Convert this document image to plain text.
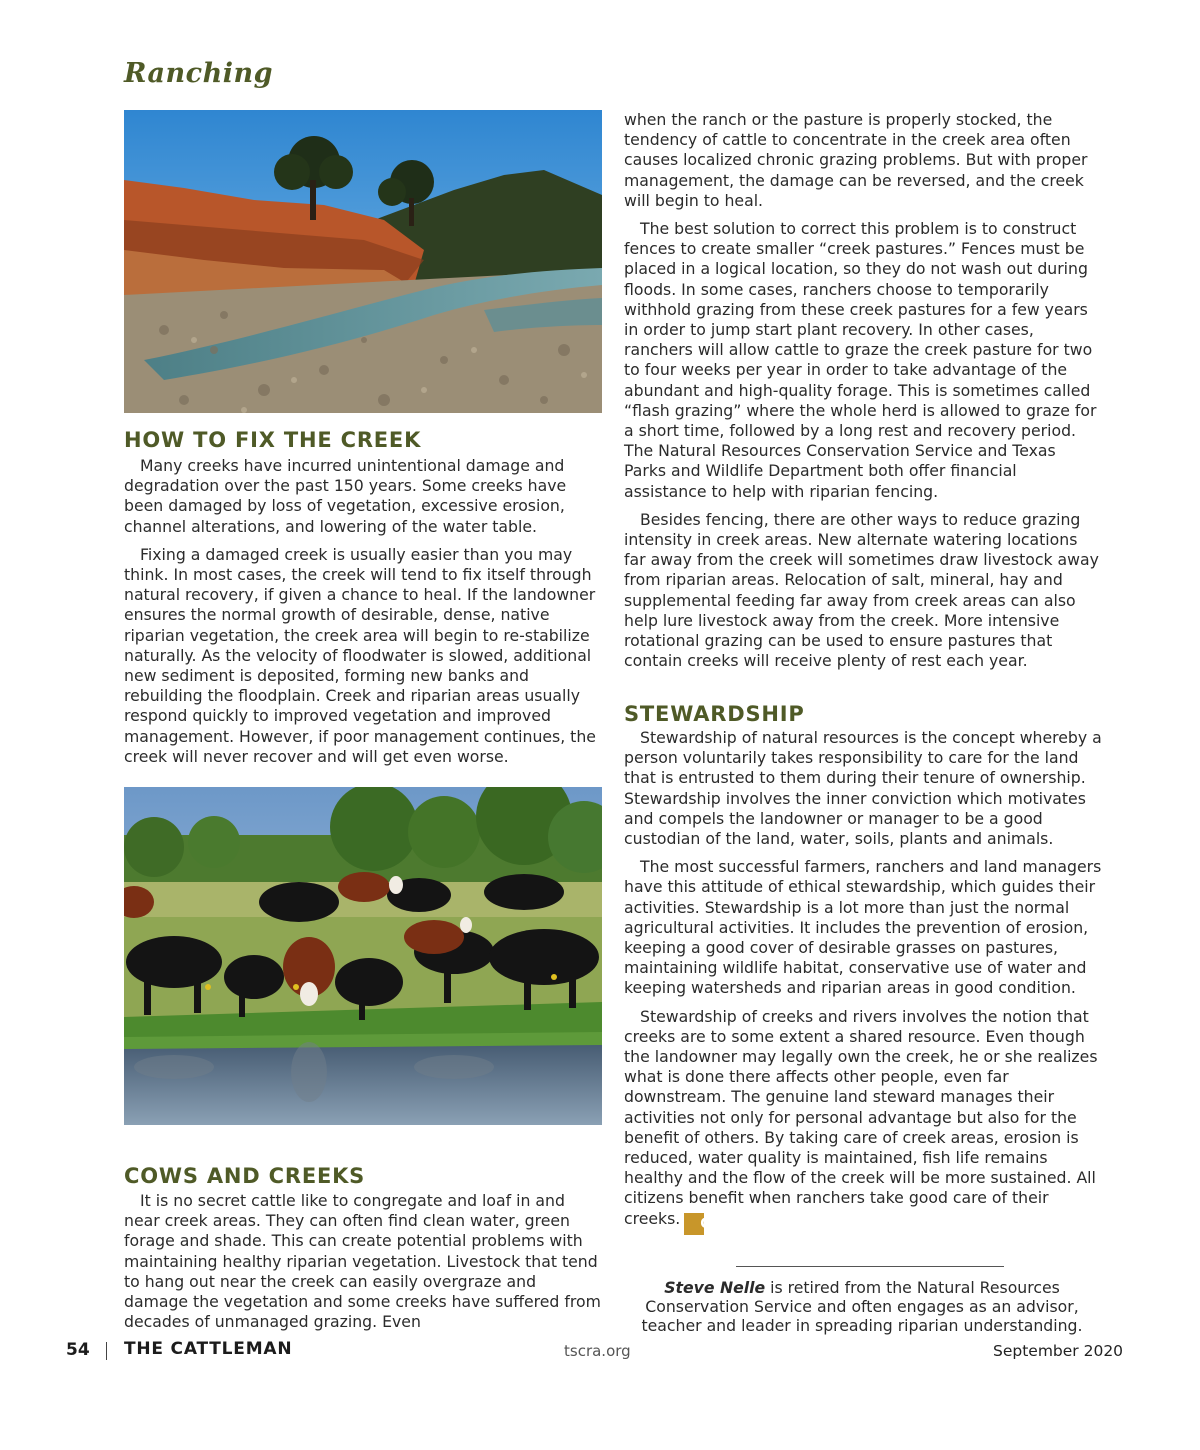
Ranching
HOW TO FIX THE CREEK

Many creeks have incurred unintentional damage and degradation over the past 150 years. Some creeks have been damaged by loss of vegetation, excessive erosion, channel alterations, and lowering of the water table.

Fixing a damaged creek is usually easier than you may think. In most cases, the creek will tend to fix itself through natural recovery, if given a chance to heal. If the landowner ensures the normal growth of desirable, dense, native riparian vegetation, the creek area will begin to re-stabilize naturally. As the velocity of floodwater is slowed, additional new sediment is deposited, forming new banks and rebuilding the floodplain. Creek and riparian areas usually respond quickly to improved vegetation and improved management. However, if poor management continues, the creek will never recover and will get even worse.

COWS AND CREEKS

It is no secret cattle like to congregate and loaf in and near creek areas. They can often find clean water, green forage and shade. This can create potential problems with maintaining healthy riparian vegetation. Livestock that tend to hang out near the creek can easily overgraze and damage the vegetation and some creeks have suffered from decades of unmanaged grazing. Even

when the ranch or the pasture is properly stocked, the tendency of cattle to concentrate in the creek area often causes localized chronic grazing problems. But with proper management, the damage can be reversed, and the creek will begin to heal.

The best solution to correct this problem is to construct fences to create smaller “creek pastures.” Fences must be placed in a logical location, so they do not wash out during floods. In some cases, ranchers choose to temporarily withhold grazing from these creek pastures for a few years in order to jump start plant recovery. In other cases, ranchers will allow cattle to graze the creek pasture for two to four weeks per year in order to take advantage of the abundant and high-quality forage. This is sometimes called “flash grazing” where the whole herd is allowed to graze for a short time, followed by a long rest and recovery period. The Natural Resources Conservation Service and Texas Parks and Wildlife Department both offer financial assistance to help with riparian fencing.

Besides fencing, there are other ways to reduce grazing intensity in creek areas. New alternate watering locations far away from the creek will sometimes draw livestock away from riparian areas. Relocation of salt, mineral, hay and supplemental feeding far away from creek areas can also help lure livestock away from the creek. More intensive rotational grazing can be used to ensure pastures that contain creeks will receive plenty of rest each year.

STEWARDSHIP

Stewardship of natural resources is the concept whereby a person voluntarily takes responsibility to care for the land that is entrusted to them during their tenure of ownership. Stewardship involves the inner conviction which motivates and compels the landowner or manager to be a good custodian of the land, water, soils, plants and animals.

The most successful farmers, ranchers and land managers have this attitude of ethical stewardship, which guides their activities. Stewardship is a lot more than just the normal agricultural activities. It includes the prevention of erosion, keeping a good cover of desirable grasses on pastures, maintaining wildlife habitat, conservative use of water and keeping watersheds and riparian areas in good condition.

Stewardship of creeks and rivers involves the notion that creeks are to some extent a shared resource. Even though the landowner may legally own the creek, he or she realizes what is done there affects other people, even far downstream. The genuine land steward manages their activities not only for personal advantage but also for the benefit of others. By taking care of creek areas, erosion is reduced, water quality is maintained, fish life remains healthy and the flow of the creek will be more sustained. All citizens benefit when ranchers take good care of their creeks. C

Steve Nelle is retired from the Natural Resources Conservation Service and often engages as an advisor, teacher and leader in spreading riparian understanding.
54 THE CATTLEMAN	tscra.org	September 2020
